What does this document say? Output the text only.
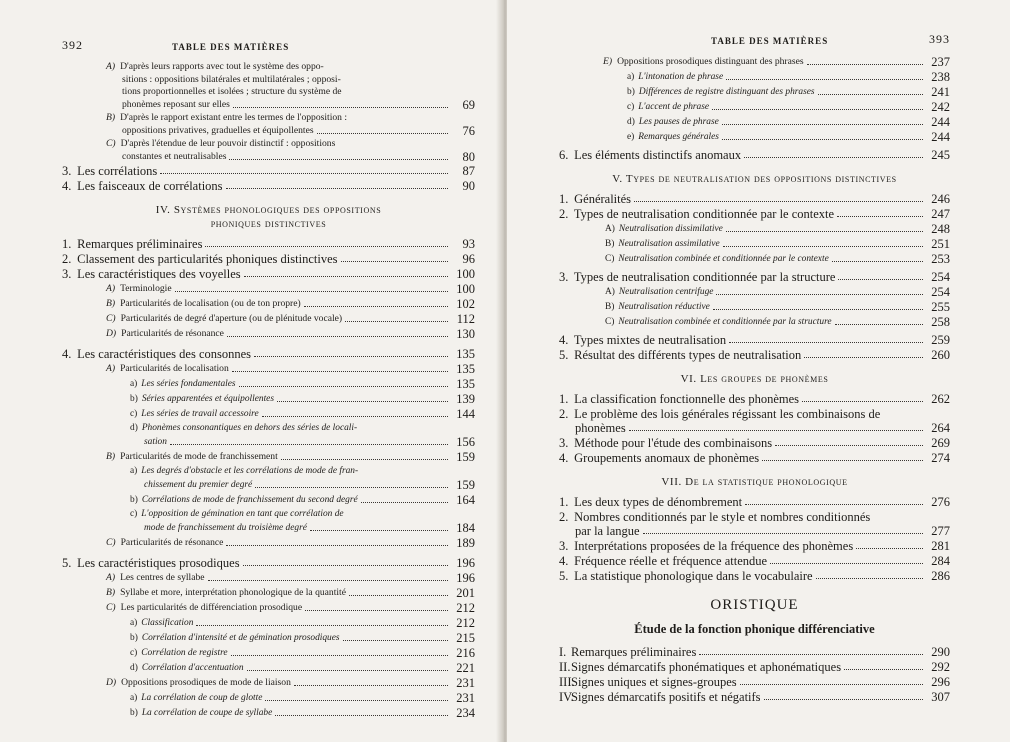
392	TABLE DES MATIÈRES
A) D'après leurs rapports avec tout le système des oppo-
sitions : oppositions bilatérales et multilatérales ; opposi-
tions proportionnelles et isolées ; structure du système de
phonèmes reposant sur elles	69
B) D'après le rapport existant entre les termes de l'opposition :
oppositions privatives, graduelles et équipollentes	76
C) D'après l'étendue de leur pouvoir distinctif : oppositions
constantes et neutralisables	80
3. Les corrélations	87
4. Les faisceaux de corrélations	90
IV. Systèmes phonologiques des oppositions
phoniques distinctives
1. Remarques préliminaires	93
2. Classement des particularités phoniques distinctives	96
3. Les caractéristiques des voyelles	100
A) Terminologie	100
B) Particularités de localisation (ou de ton propre)	102
C) Particularités de degré d'aperture (ou de plénitude vocale)	112
D) Particularités de résonance	130
4. Les caractéristiques des consonnes	135
A) Particularités de localisation	135
a) Les séries fondamentales	135
b) Séries apparentées et équipollentes	139
c) Les séries de travail accessoire	144
d) Phonèmes consonantiques en dehors des séries de locali-
sation	156
B) Particularités de mode de franchissement	159
a) Les degrés d'obstacle et les corrélations de mode de fran-
chissement du premier degré	159
b) Corrélations de mode de franchissement du second degré	164
c) L'opposition de gémination en tant que corrélation de
mode de franchissement du troisième degré	184
C) Particularités de résonance	189
5. Les caractéristiques prosodiques	196
A) Les centres de syllabe	196
B) Syllabe et more, interprétation phonologique de la quantité	201
C) Les particularités de différenciation prosodique	212
a) Classification	212
b) Corrélation d'intensité et de gémination prosodiques	215
c) Corrélation de registre	216
d) Corrélation d'accentuation	221
D) Oppositions prosodiques de mode de liaison	231
a) La corrélation de coup de glotte	231
b) La corrélation de coupe de syllabe	234
TABLE DES MATIÈRES	393
E) Oppositions prosodiques distinguant des phrases	237
a) L'intonation de phrase	238
b) Différences de registre distinguant des phrases	241
c) L'accent de phrase	242
d) Les pauses de phrase	244
e) Remarques générales	244
6. Les éléments distinctifs anomaux	245
V. Types de neutralisation des oppositions distinctives
1. Généralités	246
2. Types de neutralisation conditionnée par le contexte	247
A) Neutralisation dissimilative	248
B) Neutralisation assimilative	251
C) Neutralisation combinée et conditionnée par le contexte	253
3. Types de neutralisation conditionnée par la structure	254
A) Neutralisation centrifuge	254
B) Neutralisation réductive	255
C) Neutralisation combinée et conditionnée par la structure	258
4. Types mixtes de neutralisation	259
5. Résultat des différents types de neutralisation	260
VI. Les groupes de phonèmes
1. La classification fonctionnelle des phonèmes	262
2. Le problème des lois générales régissant les combinaisons de
phonèmes	264
3. Méthode pour l'étude des combinaisons	269
4. Groupements anomaux de phonèmes	274
VII. De la statistique phonologique
1. Les deux types de dénombrement	276
2. Nombres conditionnés par le style et nombres conditionnés
par la langue	277
3. Interprétations proposées de la fréquence des phonèmes	281
4. Fréquence réelle et fréquence attendue	284
5. La statistique phonologique dans le vocabulaire	286
ORISTIQUE
Étude de la fonction phonique différenciative
I. Remarques préliminaires	290
II.Signes démarcatifs phonématiques et aphonématiques	292
III.Signes uniques et signes-groupes	296
IV.Signes démarcatifs positifs et négatifs	307
